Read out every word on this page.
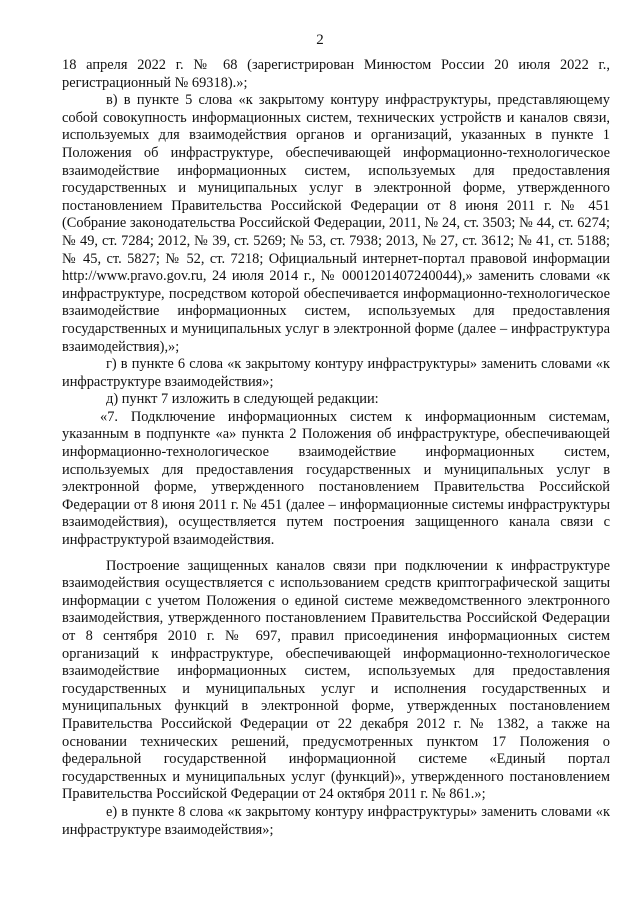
2

18 апреля 2022 г. № 68 (зарегистрирован Минюстом России 20 июля 2022 г., регистрационный № 69318).»;

в) в пункте 5 слова «к закрытому контуру инфраструктуры, представляющему собой совокупность информационных систем, технических устройств и каналов связи, используемых для взаимодействия органов и организаций, указанных в пункте 1 Положения об инфраструктуре, обеспечивающей информационно-технологическое взаимодействие информационных систем, используемых для предоставления государственных и муниципальных услуг в электронной форме, утвержденного постановлением Правительства Российской Федерации от 8 июня 2011 г. № 451 (Собрание законодательства Российской Федерации, 2011, № 24, ст. 3503; № 44, ст. 6274; № 49, ст. 7284; 2012, № 39, ст. 5269; № 53, ст. 7938; 2013, № 27, ст. 3612; № 41, ст. 5188; № 45, ст. 5827; № 52, ст. 7218; Официальный интернет-портал правовой информации http://www.pravo.gov.ru, 24 июля 2014 г., № 0001201407240044),» заменить словами «к инфраструктуре, посредством которой обеспечивается информационно-технологическое взаимодействие информационных систем, используемых для предоставления государственных и муниципальных услуг в электронной форме (далее – инфраструктура взаимодействия),»;

г) в пункте 6 слова «к закрытому контуру инфраструктуры» заменить словами «к инфраструктуре взаимодействия»;

д) пункт 7 изложить в следующей редакции:

«7. Подключение информационных систем к информационным системам, указанным в подпункте «а» пункта 2 Положения об инфраструктуре, обеспечивающей информационно-технологическое взаимодействие информационных систем, используемых для предоставления государственных и муниципальных услуг в электронной форме, утвержденного постановлением Правительства Российской Федерации от 8 июня 2011 г. № 451 (далее – информационные системы инфраструктуры взаимодействия), осуществляется путем построения защищенного канала связи с инфраструктурой взаимодействия.

Построение защищенных каналов связи при подключении к инфраструктуре взаимодействия осуществляется с использованием средств криптографической защиты информации с учетом Положения о единой системе межведомственного электронного взаимодействия, утвержденного постановлением Правительства Российской Федерации от 8 сентября 2010 г. № 697, правил присоединения информационных систем организаций к инфраструктуре, обеспечивающей информационно-технологическое взаимодействие информационных систем, используемых для предоставления государственных и муниципальных услуг и исполнения государственных и муниципальных функций в электронной форме, утвержденных постановлением Правительства Российской Федерации от 22 декабря 2012 г. № 1382, а также на основании технических решений, предусмотренных пунктом 17 Положения о федеральной государственной информационной системе «Единый портал государственных и муниципальных услуг (функций)», утвержденного постановлением Правительства Российской Федерации от 24 октября 2011 г. № 861.»;

е) в пункте 8 слова «к закрытому контуру инфраструктуры» заменить словами «к инфраструктуре взаимодействия»;
